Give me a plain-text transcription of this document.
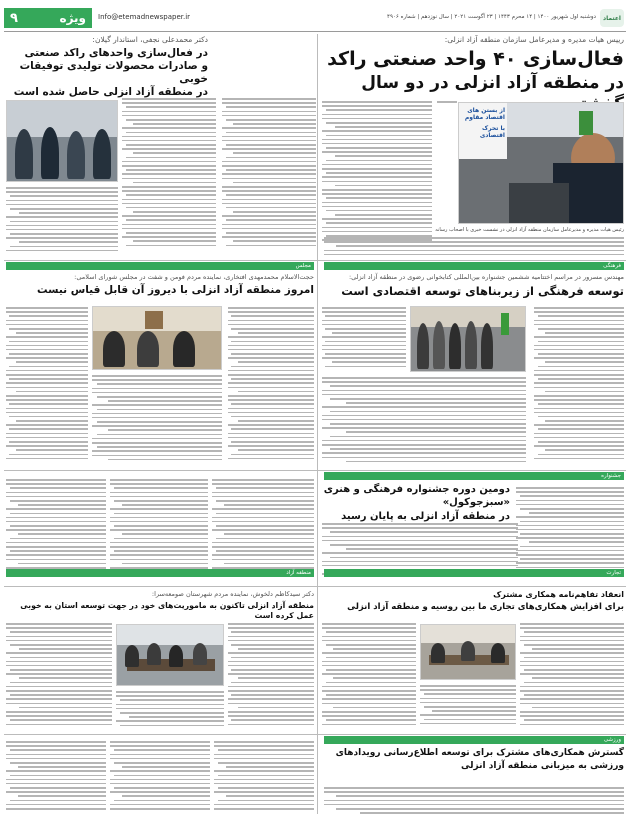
ویژه
۹	Info@etemadnewspaper.ir	دوشنبه اول شهریور ۱۴۰۰ | ۱۴ محرم ۱۴۴۳ | ۲۳ آگوست ۲۰۲۱ | سال نوزدهم | شماره ۴۹۰۶	اعتماد
رییس هیات مدیره و مدیرعامل سازمان منطقه آزاد انزلی:
فعال‌سازی ۴۰ واحد صنعتی راکد
در منطقه آزاد انزلی در دو سال
از بستن های اقتصاد مقاوم
با تحرک اقتصادی
رئیس هیات مدیره و مدیرعامل سازمان منطقه آزاد انزلی در نشست خبری با اصحاب رسانه
دکتر محمدعلی نجفی، استاندار گیلان:
در فعال‌سازی واحدهای راکد صنعتی
و صادرات محصولات تولیدی توفیقات خوبی
در منطقه آزاد انزلی حاصل شده است
فرهنگی
مهندس مسرور در مراسم اختتامیه ششمین جشنواره بین‌المللی کتابخوانی رضوی در منطقه آزاد انزلی:
توسعه فرهنگی از زیربناهای توسعه اقتصادی است
مجلس
حجت‌الاسلام محمدمهدی افتخاری، نماینده مردم فومن و شفت در مجلس شورای اسلامی:
امروز منطقه آزاد انزلی با دیروز آن قابل قیاس نیست
جشنواره
دومین دوره جشنواره فرهنگی و هنری «سبزجوکول»
در منطقه آزاد انزلی به پایان رسید
منطقه آزاد
دکتر سیدکاظم دلخوش، نماینده مردم شهرستان صومعه‌سرا:
منطقه آزاد انزلی تاکنون به ماموریت‌های خود در جهت توسعه استان به خوبی عمل کرده است
تجارت
انعقاد تفاهم‌نامه همکاری مشترک
برای افزایش همکاری‌های تجاری ما بین روسیه و منطقه آزاد انزلی
ورزشی
گسترش همکاری‌های مشترک برای توسعه اطلاع‌رسانی رویدادهای
ورزشی به میزبانی منطقه آزاد انزلی
